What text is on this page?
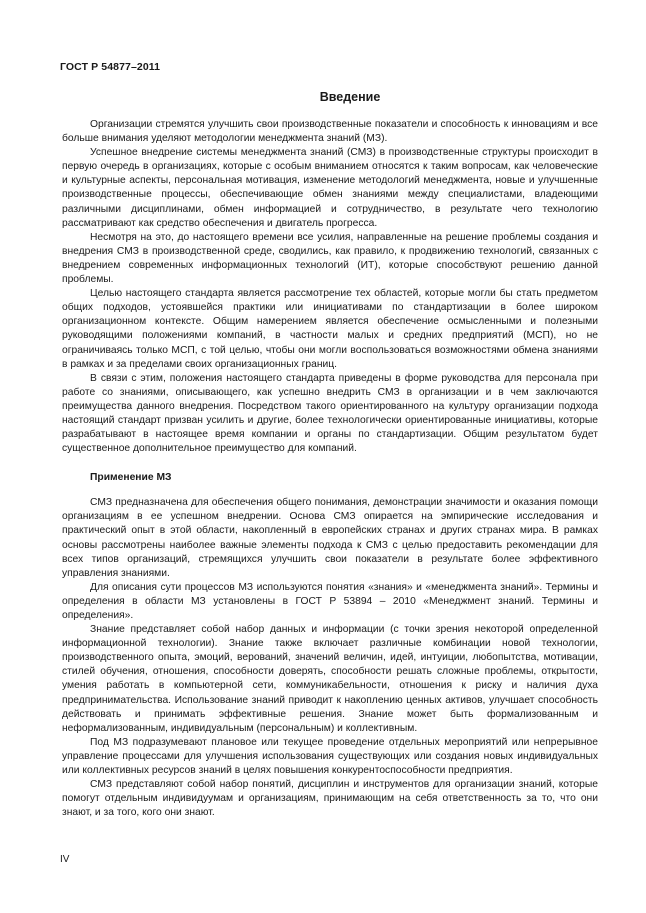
ГОСТ Р 54877–2011
Введение

Организации стремятся улучшить свои производственные показатели и способность к инновациям и все больше внимания уделяют методологии менеджмента знаний (МЗ).

Успешное внедрение системы менеджмента знаний (СМЗ) в производственные структуры происходит в первую очередь в организациях, которые с особым вниманием относятся к таким вопросам, как человеческие и культурные аспекты, персональная мотивация, изменение методологий менеджмента, новые и улучшенные производственные процессы, обеспечивающие обмен знаниями между специалистами, владеющими различными дисциплинами, обмен информацией и сотрудничество, в результате чего технологию рассматривают как средство обеспечения и двигатель прогресса.

Несмотря на это, до настоящего времени все усилия, направленные на решение проблемы создания и внедрения СМЗ в производственной среде, сводились, как правило, к продвижению технологий, связанных с внедрением современных информационных технологий (ИТ), которые способствуют решению данной проблемы.

Целью настоящего стандарта является рассмотрение тех областей, которые могли бы стать предметом общих подходов, устоявшейся практики или инициативами по стандартизации в более широком организационном контексте. Общим намерением является обеспечение осмысленными и полезными руководящими положениями компаний, в частности малых и средних предприятий (МСП), но не ограничиваясь только МСП, с той целью, чтобы они могли воспользоваться возможностями обмена знаниями в рамках и за пределами своих организационных границ.

В связи с этим, положения настоящего стандарта приведены в форме руководства для персонала при работе со знаниями, описывающего, как успешно внедрить СМЗ в организации и в чем заключаются преимущества данного внедрения. Посредством такого ориентированного на культуру организации подхода настоящий стандарт призван усилить и другие, более технологически ориентированные инициативы, которые разрабатывают в настоящее время компании и органы по стандартизации. Общим результатом будет существенное дополнительное преимущество для компаний.

Применение МЗ

СМЗ предназначена для обеспечения общего понимания, демонстрации значимости и оказания помощи организациям в ее успешном внедрении. Основа СМЗ опирается на эмпирические исследования и практический опыт в этой области, накопленный в европейских странах и других странах мира. В рамках основы рассмотрены наиболее важные элементы подхода к СМЗ с целью предоставить рекомендации для всех типов организаций, стремящихся улучшить свои показатели в результате более эффективного управления знаниями.

Для описания сути процессов МЗ используются понятия «знания» и «менеджмента знаний». Термины и определения в области МЗ установлены в ГОСТ Р 53894 – 2010 «Менеджмент знаний. Термины и определения».

Знание представляет собой набор данных и информации (с точки зрения некоторой определенной информационной технологии). Знание также включает различные комбинации новой технологии, производственного опыта, эмоций, верований, значений величин, идей, интуиции, любопытства, мотивации, стилей обучения, отношения, способности доверять, способности решать сложные проблемы, открытости, умения работать в компьютерной сети, коммуникабельности, отношения к риску и наличия духа предпринимательства. Использование знаний приводит к накоплению ценных активов, улучшает способность действовать и принимать эффективные решения. Знание может быть формализованным и неформализованным, индивидуальным (персональным) и коллективным.

Под МЗ подразумевают плановое или текущее проведение отдельных мероприятий или непрерывное управление процессами для улучшения использования существующих или создания новых индивидуальных или коллективных ресурсов знаний в целях повышения конкурентоспособности предприятия.

СМЗ представляют собой набор понятий, дисциплин и инструментов для организации знаний, которые помогут отдельным индивидуумам и организациям, принимающим на себя ответственность за то, что они знают, и за того, кого они знают.

IV
